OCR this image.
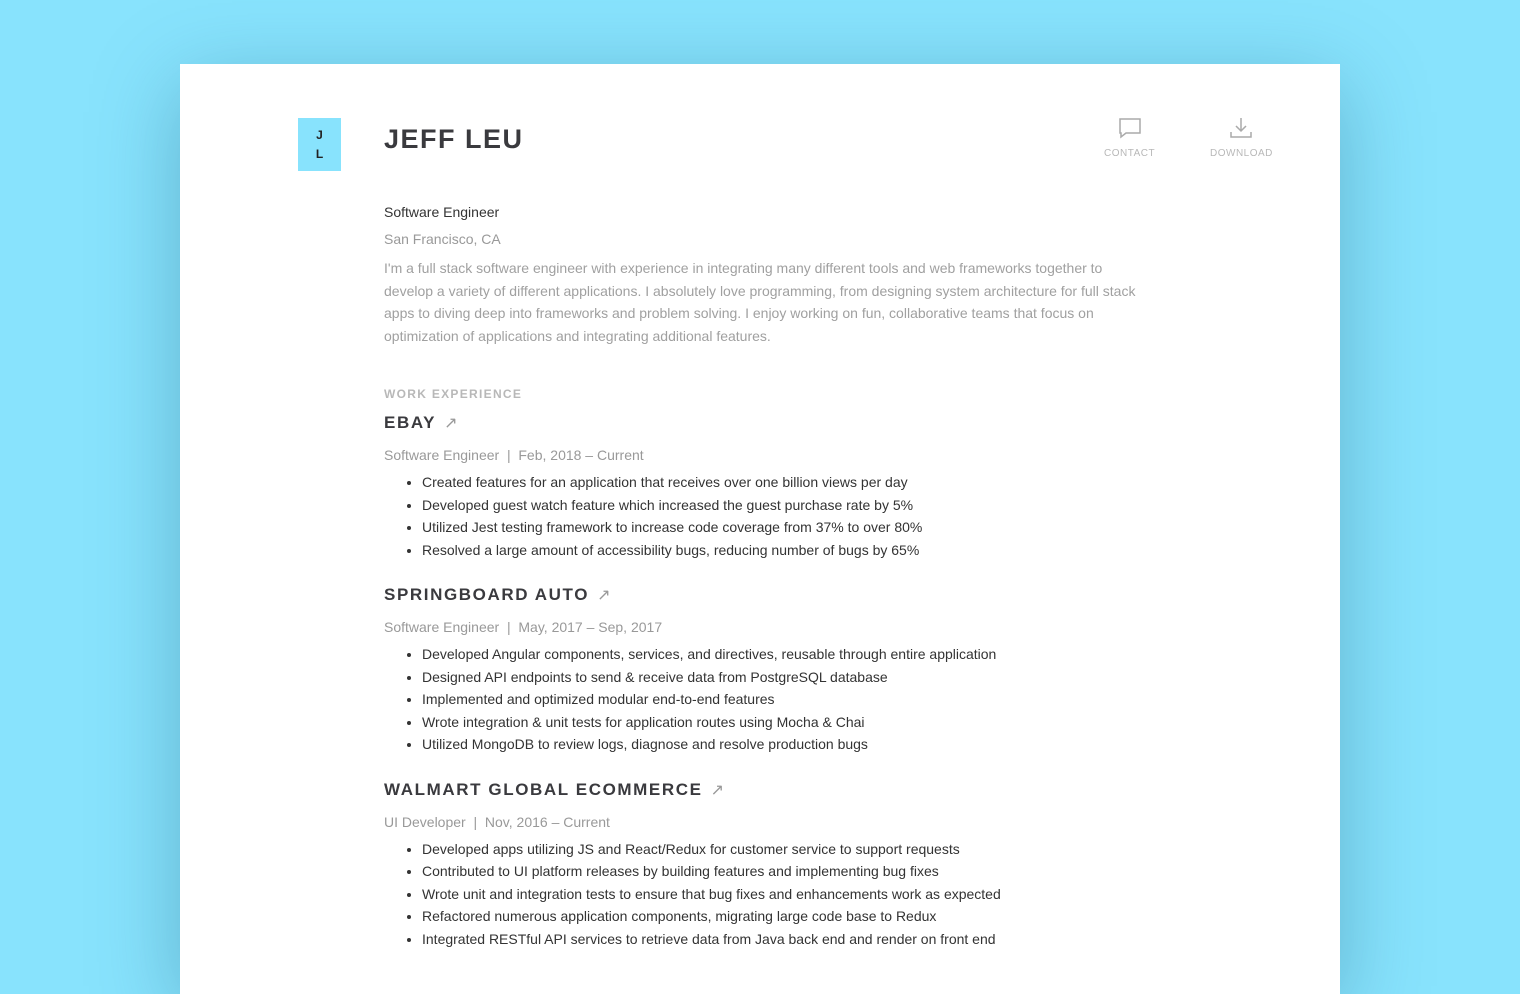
J
L	JEFF LEU	CONTACT	DOWNLOAD
Software Engineer
San Francisco, CA
I'm a full stack software engineer with experience in integrating many different tools and web frameworks together to develop a variety of different applications. I absolutely love programming, from designing system architecture for full stack apps to diving deep into frameworks and problem solving. I enjoy working on fun, collaborative teams that focus on optimization of applications and integrating additional features.
WORK EXPERIENCE
EBAY ↗
Software Engineer  |  Feb, 2018 – Current
• Created features for an application that receives over one billion views per day
• Developed guest watch feature which increased the guest purchase rate by 5%
• Utilized Jest testing framework to increase code coverage from 37% to over 80%
• Resolved a large amount of accessibility bugs, reducing number of bugs by 65%
SPRINGBOARD AUTO ↗
Software Engineer  |  May, 2017 – Sep, 2017
• Developed Angular components, services, and directives, reusable through entire application
• Designed API endpoints to send & receive data from PostgreSQL database
• Implemented and optimized modular end-to-end features
• Wrote integration & unit tests for application routes using Mocha & Chai
• Utilized MongoDB to review logs, diagnose and resolve production bugs
WALMART GLOBAL ECOMMERCE ↗
UI Developer  |  Nov, 2016 – Current
• Developed apps utilizing JS and React/Redux for customer service to support requests
• Contributed to UI platform releases by building features and implementing bug fixes
• Wrote unit and integration tests to ensure that bug fixes and enhancements work as expected
• Refactored numerous application components, migrating large code base to Redux
• Integrated RESTful API services to retrieve data from Java back end and render on front end
